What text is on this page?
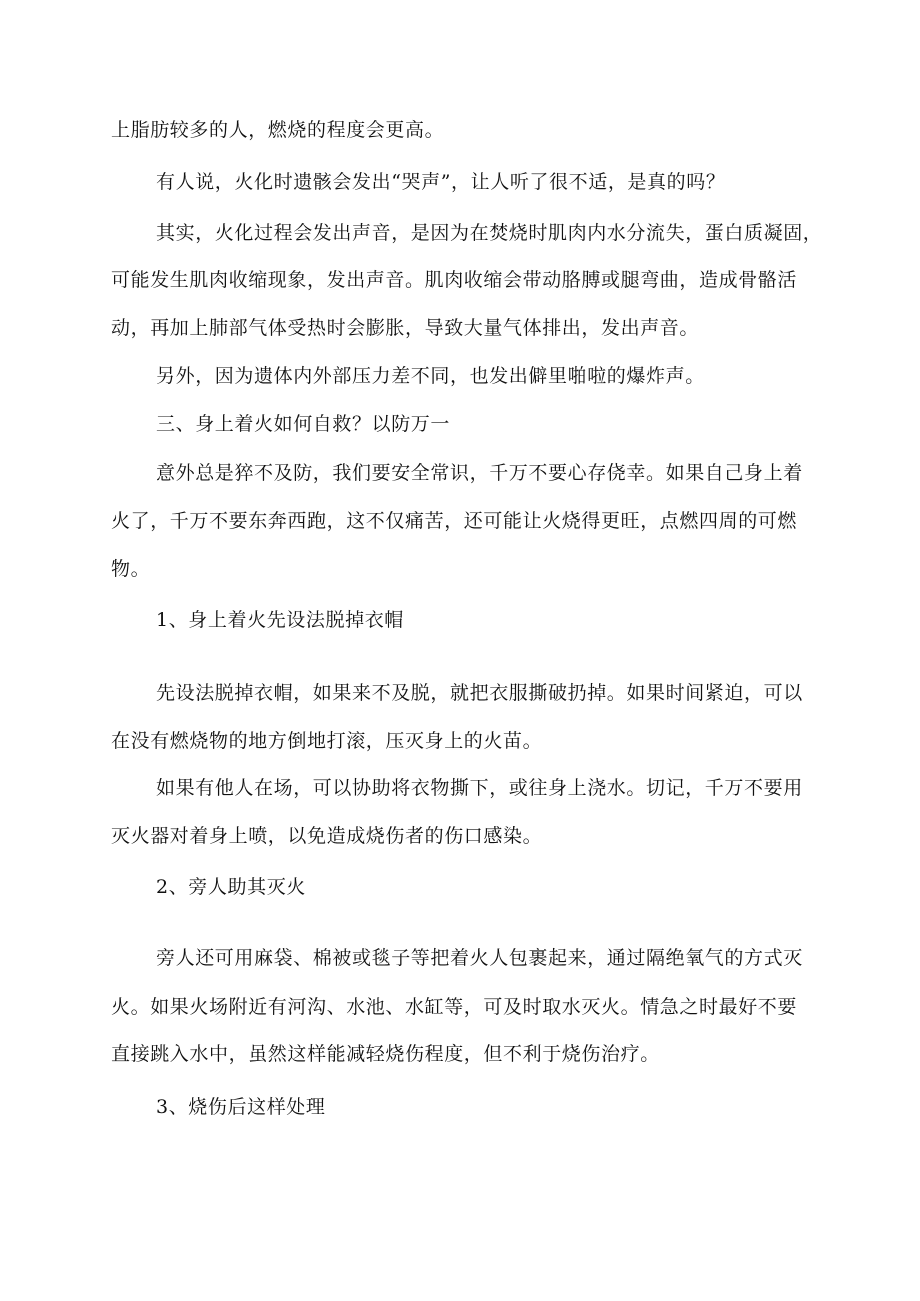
上脂肪较多的人，燃烧的程度会更高。
有人说，火化时遗骸会发出“哭声”，让人听了很不适，是真的吗？
其实，火化过程会发出声音，是因为在焚烧时肌肉内水分流失，蛋白质凝固，
可能发生肌肉收缩现象，发出声音。肌肉收缩会带动胳膊或腿弯曲，造成骨骼活
动，再加上肺部气体受热时会膨胀，导致大量气体排出，发出声音。
另外，因为遗体内外部压力差不同，也发出僻里啪啦的爆炸声。
三、身上着火如何自救？以防万一
意外总是猝不及防，我们要安全常识，千万不要心存侥幸。如果自己身上着
火了，千万不要东奔西跑，这不仅痛苦，还可能让火烧得更旺，点燃四周的可燃
物。
1、身上着火先设法脱掉衣帽
先设法脱掉衣帽，如果来不及脱，就把衣服撕破扔掉。如果时间紧迫，可以
在没有燃烧物的地方倒地打滚，压灭身上的火苗。
如果有他人在场，可以协助将衣物撕下，或往身上浇水。切记，千万不要用
灭火器对着身上喷，以免造成烧伤者的伤口感染。
2、旁人助其灭火
旁人还可用麻袋、棉被或毯子等把着火人包裹起来，通过隔绝氧气的方式灭
火。如果火场附近有河沟、水池、水缸等，可及时取水灭火。情急之时最好不要
直接跳入水中，虽然这样能减轻烧伤程度，但不利于烧伤治疗。
3、烧伤后这样处理
